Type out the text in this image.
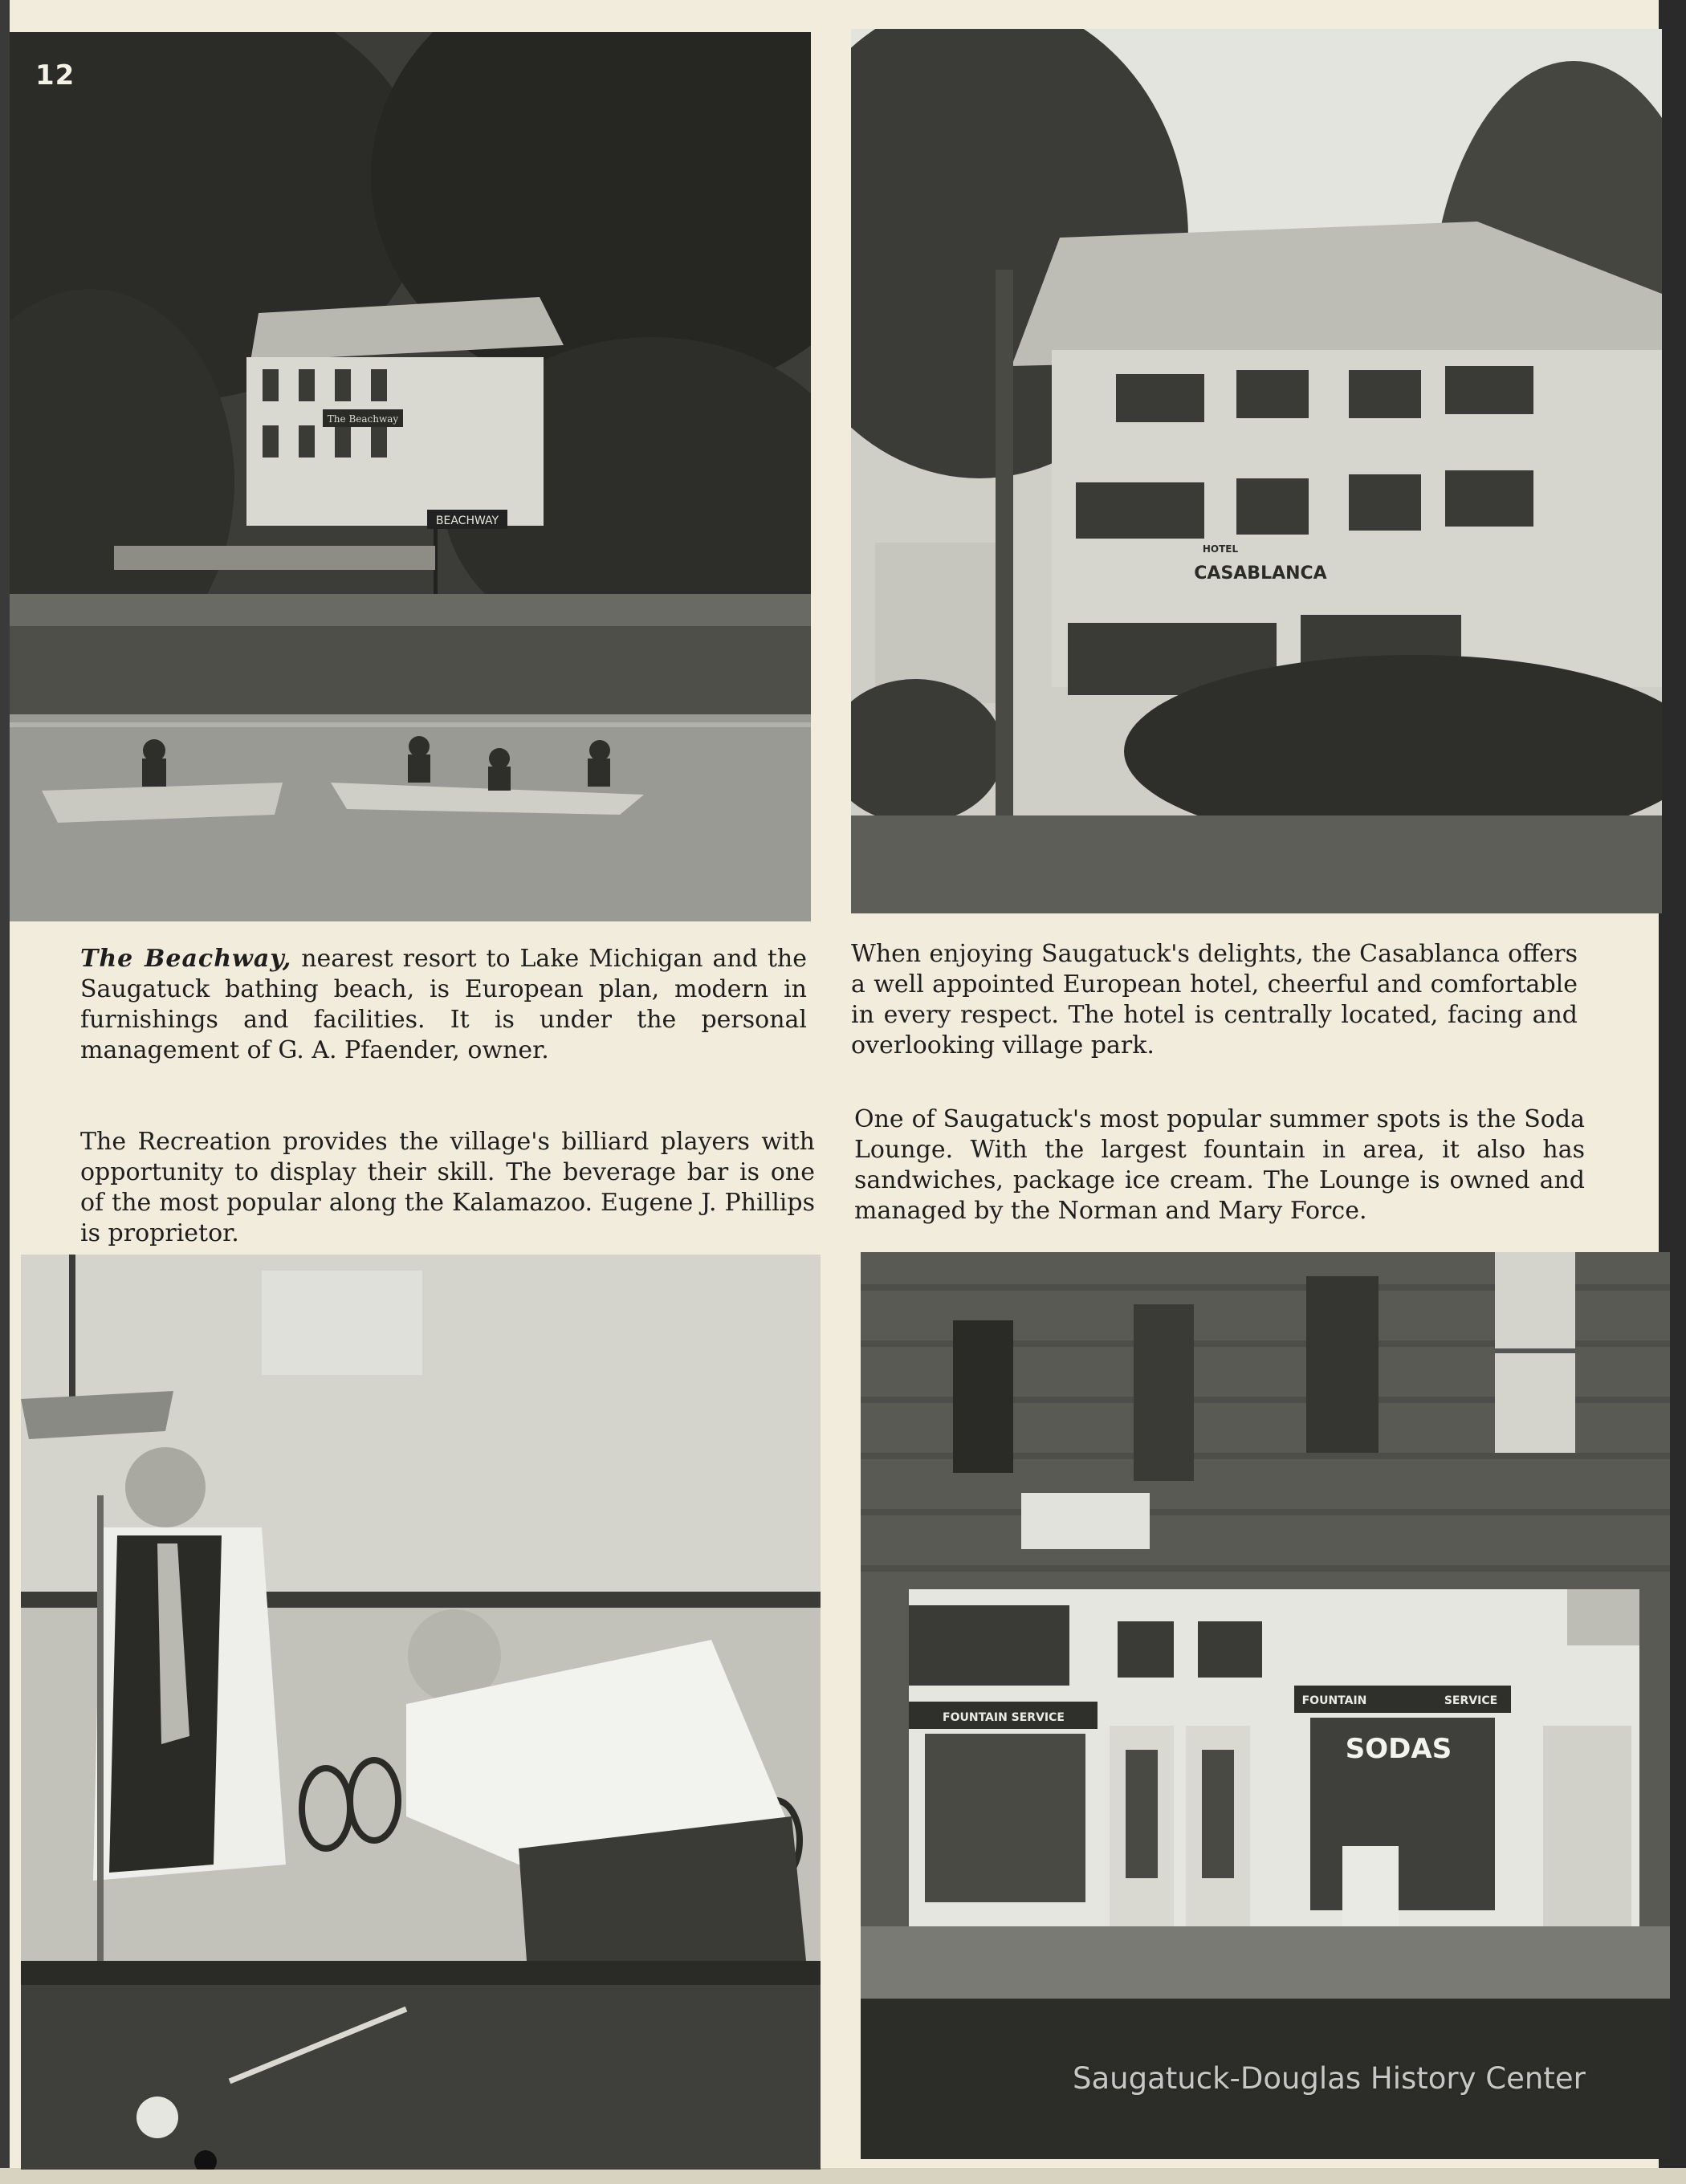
The Beachway
BEACHWAY
12
HOTEL
CASABLANCA

The Beachway, nearest resort to Lake Michigan and the Saugatuck bathing beach, is European plan, modern in furnishings and facilities. It is under the personal management of G. A. Pfaender, owner.

When enjoying Saugatuck's delights, the Casablanca offers a well appointed European hotel, cheerful and comfortable in every respect. The hotel is centrally located, facing and overlooking village park.

The Recreation provides the village's billiard players with opportunity to display their skill. The beverage bar is one of the most popular along the Kalamazoo. Eugene J. Phillips is proprietor.

One of Saugatuck's most popular summer spots is the Soda Lounge. With the largest fountain in area, it also has sandwiches, package ice cream. The Lounge is owned and managed by the Norman and Mary Force.

FOUNTAIN SERVICE
FOUNTAIN	SERVICE
SODAS
Saugatuck-Douglas History Center
